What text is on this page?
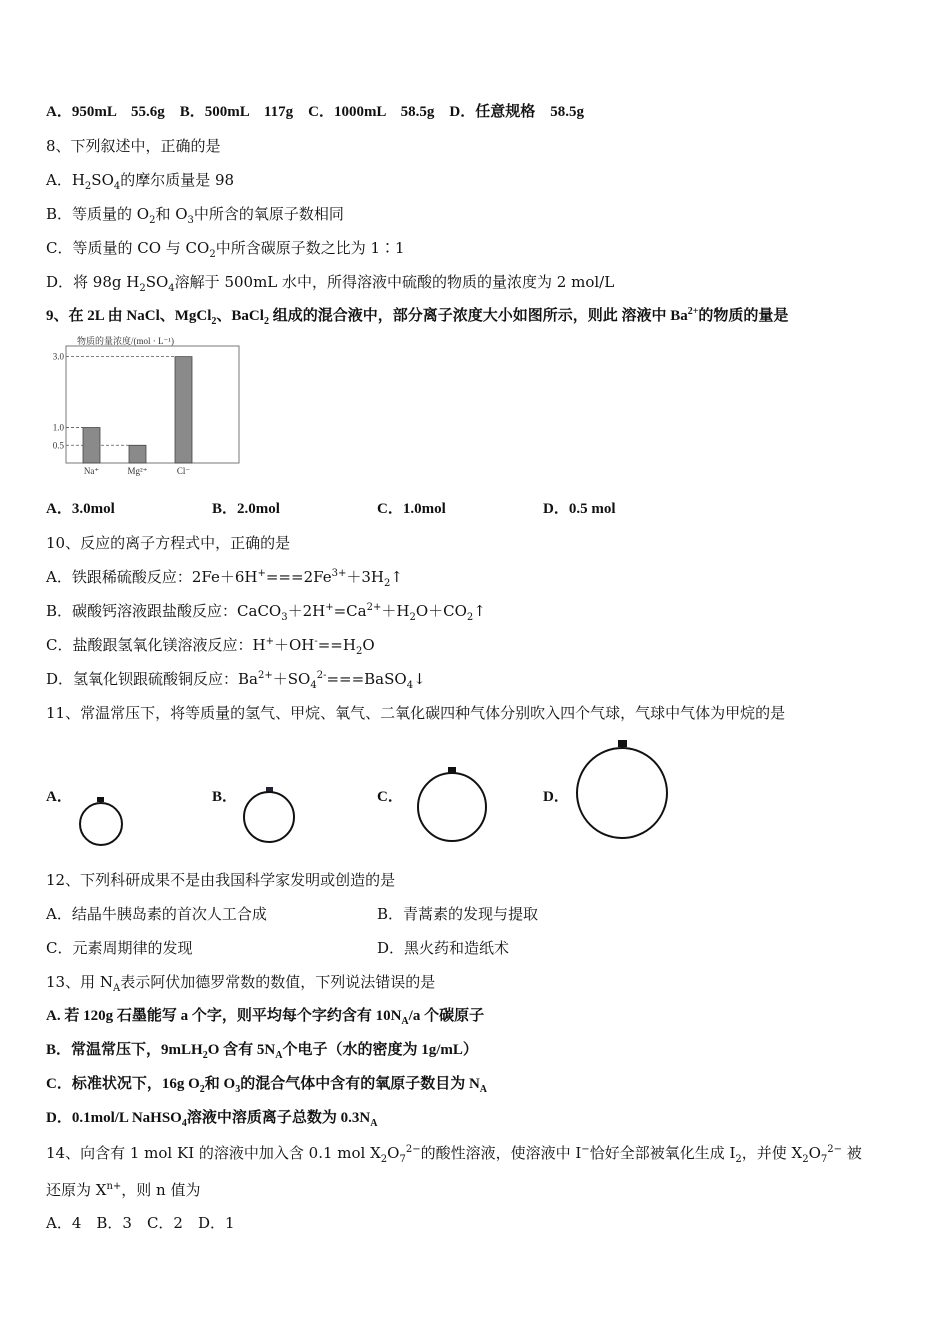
A．950mL　55.6g　B．500mL　117g　C．1000mL　58.5g　D．任意规格　58.5g
8、下列叙述中，正确的是
A．$H_2SO_4$的摩尔质量是 98
B．等质量的 $O_2$和 $O_3$中所含的氧原子数相同
C．等质量的 CO 与 $CO_2$中所含碳原子数之比为 1∶1
D．将 98g $H_2SO_4$溶解于 500mL 水中，所得溶液中硫酸的物质的量浓度为 2 mol/L
9、在 2L 由 NaCl、MgCl$_2$、BaCl$_2$ 组成的混合液中，部分离子浓度大小如图所示，则此 溶液中 $Ba^{2+}$的物质的量是
物质的量浓度/(mol · L⁻¹)
3.0
1.0
0.5
Na⁺	Mg²⁺	Cl⁻
A．3.0mol	B．2.0mol	C．1.0mol	D．0.5 mol
10、反应的离子方程式中，正确的是
A．铁跟稀硫酸反应：$2Fe+6H^+===2Fe^{3+}+3H_2↑$
B．碳酸钙溶液跟盐酸反应：$CaCO_3+2H^+=Ca^{2+}+H_2O+CO_2↑$
C．盐酸跟氢氧化镁溶液反应：$H^++OH^-==H_2O$
D．氢氧化钡跟硫酸铜反应：$Ba^{2+}+SO_4^{2-}===BaSO_4↓$
11、常温常压下，将等质量的氢气、甲烷、氧气、二氧化碳四种气体分别吹入四个气球，气球中气体为甲烷的是
A．	B．	C．	D．
12、下列科研成果不是由我国科学家发明或创造的是
A．结晶牛胰岛素的首次人工合成	B．青蒿素的发现与提取
C．元素周期律的发现	D．黑火药和造纸术
13、用 $N_A$表示阿伏加德罗常数的数值，下列说法错误的是
A. 若 120g 石墨能写 a 个字，则平均每个字约含有 $10N_A/a$ 个碳原子
B．常温常压下，9mLH$_2$O 含有 $5N_A$个电子（水的密度为 1g/mL）
C．标准状况下，16g $O_2$和 $O_3$的混合气体中含有的氧原子数目为 $N_A$
D．0.1mol/L NaHSO$_4$溶液中溶质离子总数为 $0.3N_A$
14、向含有 1 mol KI 的溶液中加入含 0.1 mol $X_2O_7^{2-}$的酸性溶液，使溶液中 I−恰好全部被氧化生成 $I_2$，并使 $X_2O_7^{2-}$ 被
还原为 $X^{n+}$，则 n 值为
A．4　B．3　C．2　D．1
